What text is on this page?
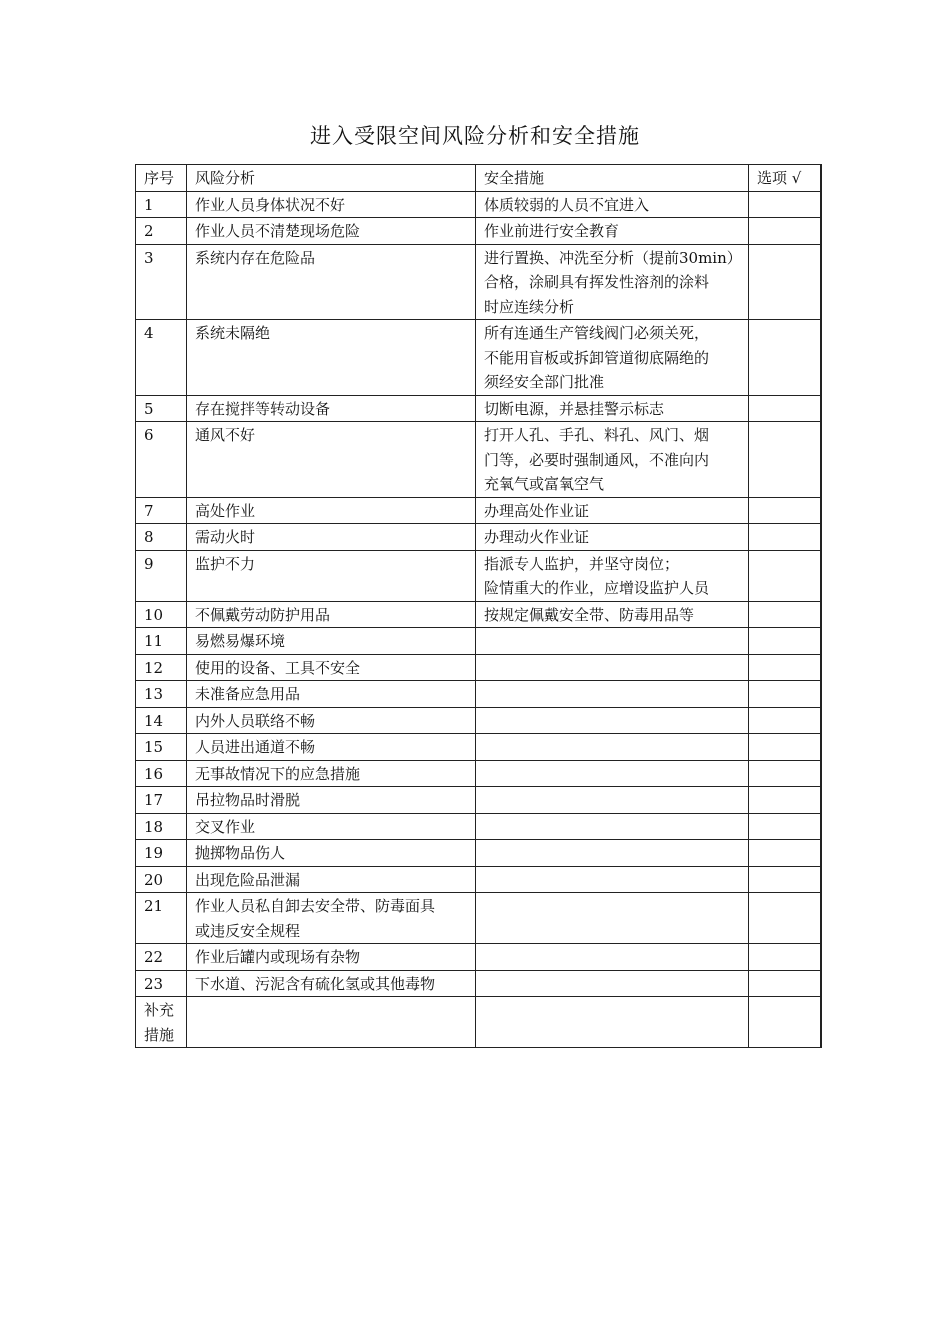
进入受限空间风险分析和安全措施
序号	风险分析	安全措施	选项 √
1	作业人员身体状况不好	体质较弱的人员不宜进入	

2	作业人员不清楚现场危险	作业前进行安全教育	

3	系统内存在危险品	进行置换、冲洗至分析（提前30min）
合格，涂刷具有挥发性溶剂的涂料
时应连续分析	

4	系统未隔绝	所有连通生产管线阀门必须关死，
不能用盲板或拆卸管道彻底隔绝的
须经安全部门批准	

5	存在搅拌等转动设备	切断电源，并悬挂警示标志	

6	通风不好	打开人孔、手孔、料孔、风门、烟
门等，必要时强制通风，不准向内
充氧气或富氧空气	

7	高处作业	办理高处作业证	

8	需动火时	办理动火作业证	

9	监护不力	指派专人监护，并坚守岗位；
险情重大的作业，应增设监护人员	

10	不佩戴劳动防护用品	按规定佩戴安全带、防毒用品等	

11	易燃易爆环境		

12	使用的设备、工具不安全		

13	未准备应急用品		

14	内外人员联络不畅		

15	人员进出通道不畅		

16	无事故情况下的应急措施		

17	吊拉物品时滑脱		

18	交叉作业		

19	抛掷物品伤人		

20	出现危险品泄漏		

21	作业人员私自卸去安全带、防毒面具
或违反安全规程		

22	作业后罐内或现场有杂物		

23	下水道、污泥含有硫化氢或其他毒物		

补充
措施			
